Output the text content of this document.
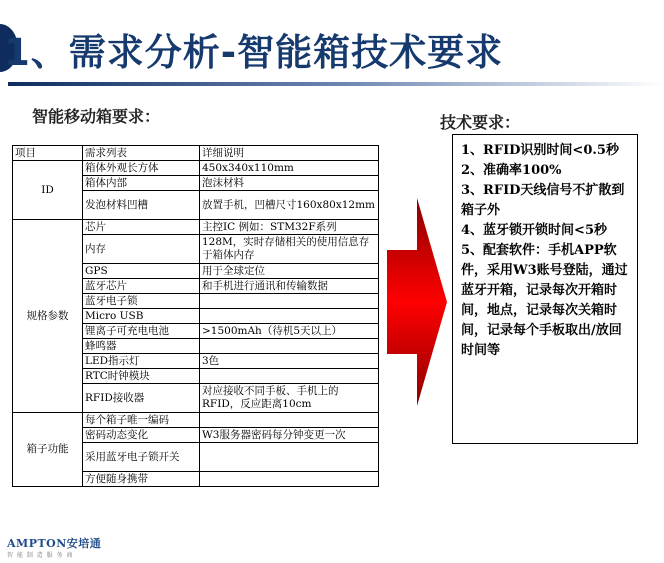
1、需求分析-智能箱技术要求
智能移动箱要求：	技术要求：
项目	需求列表	详细说明
ID	箱体外观长方体	450x340x110mm
	箱体内部	泡沫材料
	发泡材料凹槽	放置手机，凹槽尺寸160x80x12mm
规格参数	芯片	主控IC 例如：STM32F系列
	内存	128M，实时存储相关的使用信息存于箱体内存
	GPS	用于全球定位
	蓝牙芯片	和手机进行通讯和传输数据
	蓝牙电子锁	
	Micro USB	
	锂离子可充电电池	>1500mAh（待机5天以上）
	蜂鸣器	
	LED指示灯	3色
	RTC时钟模块	
	RFID接收器	对应接收不同手板、手机上的RFID，反应距离10cm
箱子功能	每个箱子唯一编码	
	密码动态变化	W3服务器密码每分钟变更一次
	采用蓝牙电子锁开关	
	方便随身携带	

1、RFID识别时间<0.5秒

2、准确率100%

3、RFID天线信号不扩散到箱子外

4、蓝牙锁开锁时间<5秒

5、配套软件：手机APP软件，采用W3账号登陆，通过蓝牙开箱，记录每次开箱时间，地点，记录每次关箱时间，记录每个手板取出/放回时间等

AMPTON安培通
智 能 制 造 服 务 商
